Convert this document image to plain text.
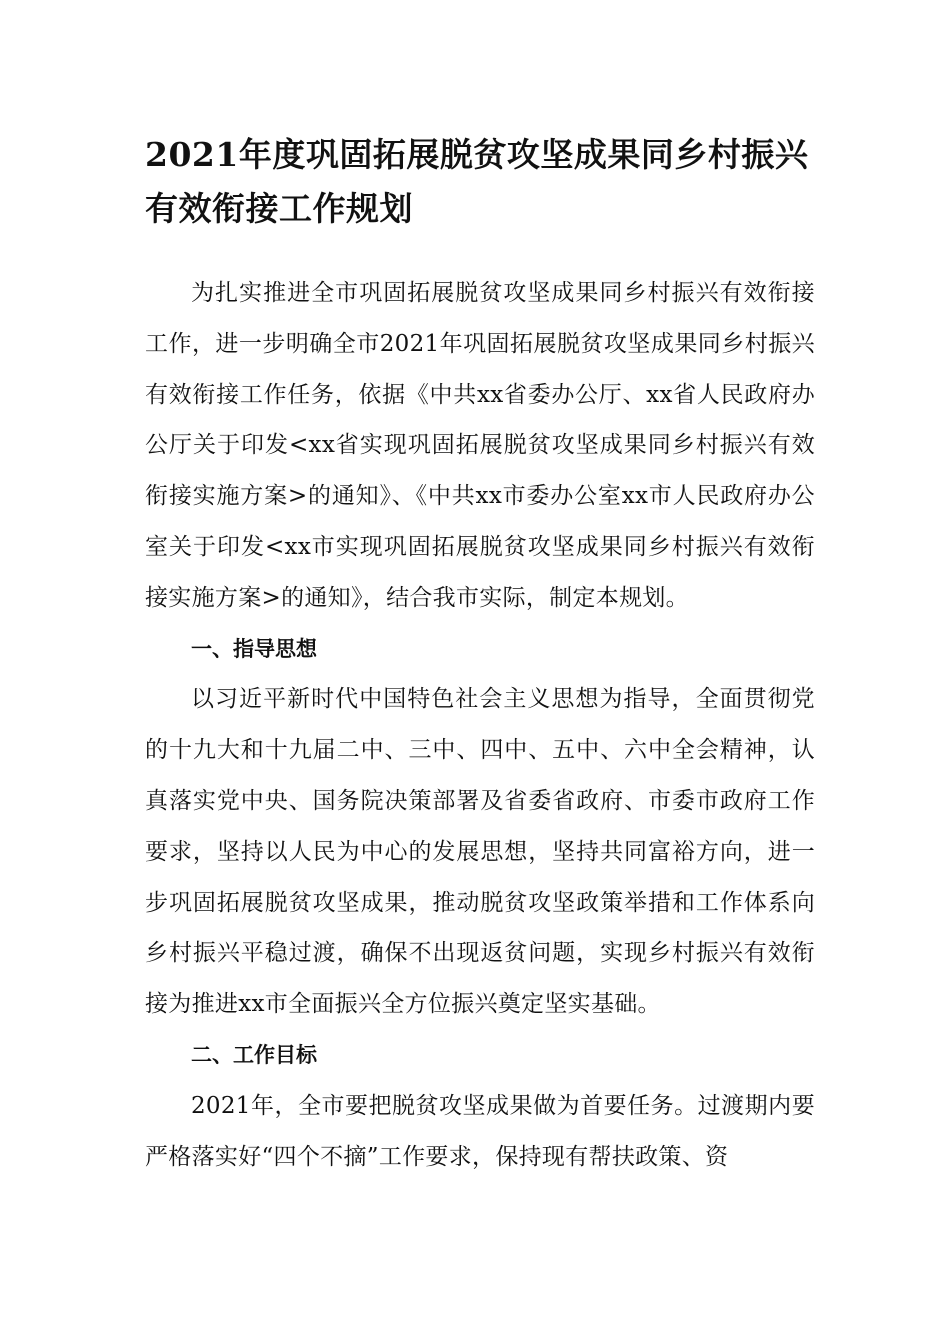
2021年度巩固拓展脱贫攻坚成果同乡村振兴有效衔接工作规划

为扎实推进全市巩固拓展脱贫攻坚成果同乡村振兴有效衔接工作，进一步明确全市2021年巩固拓展脱贫攻坚成果同乡村振兴有效衔接工作任务，依据《中共xx省委办公厅、xx省人民政府办公厅关于印发<xx省实现巩固拓展脱贫攻坚成果同乡村振兴有效衔接实施方案>的通知》、《中共xx市委办公室xx市人民政府办公室关于印发<xx市实现巩固拓展脱贫攻坚成果同乡村振兴有效衔接实施方案>的通知》，结合我市实际，制定本规划。

一、指导思想

以习近平新时代中国特色社会主义思想为指导，全面贯彻党的十九大和十九届二中、三中、四中、五中、六中全会精神，认真落实党中央、国务院决策部署及省委省政府、市委市政府工作要求，坚持以人民为中心的发展思想，坚持共同富裕方向，进一步巩固拓展脱贫攻坚成果，推动脱贫攻坚政策举措和工作体系向乡村振兴平稳过渡，确保不出现返贫问题，实现乡村振兴有效衔接为推进xx市全面振兴全方位振兴奠定坚实基础。

二、工作目标

2021年，全市要把脱贫攻坚成果做为首要任务。过渡期内要严格落实好“四个不摘”工作要求，保持现有帮扶政策、资
